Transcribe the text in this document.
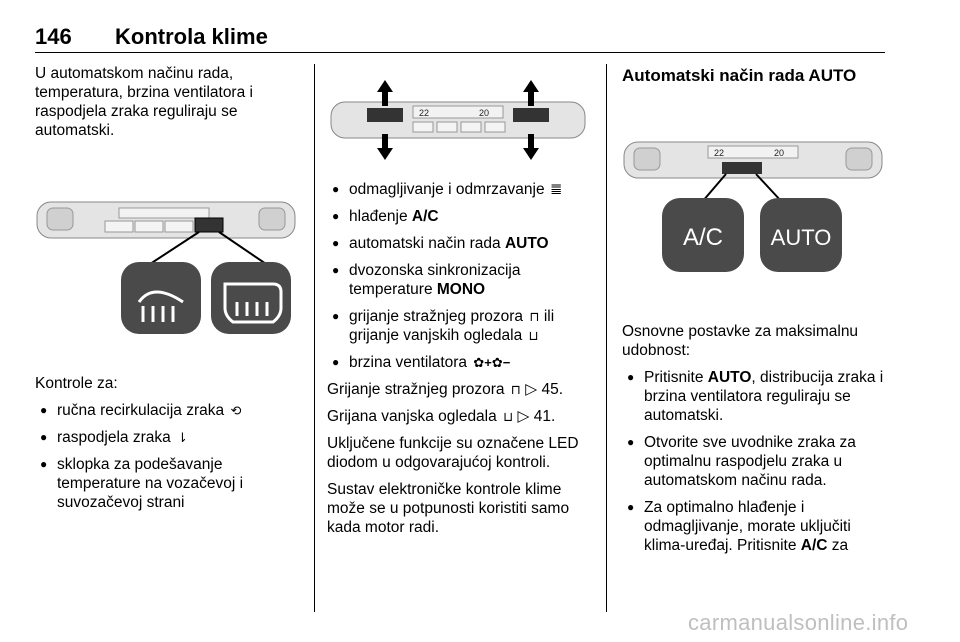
146 Kontrola klime

U automatskom načinu rada, temperatura, brzina ventilatora i raspodjela zraka reguliraju se automatski.

Kontrole za:

● ručna recirkulacija zraka ⟲
● raspodjela zraka ⇂
● sklopka za podešavanje temperature na vozačevoj i suvozačevoj strani
22	20
● odmagljivanje i odmrzavanje 𝍤
● hlađenje A/C
● automatski način rada AUTO
● dvozonska sinkronizacija temperature MONO
● grijanje stražnjeg prozora ⊓ ili grijanje vanjskih ogledala ⊔
● brzina ventilatora ✿+✿−

Grijanje stražnjeg prozora ⊓ ▷ 45.

Grijana vanjska ogledala ⊔ ▷ 41.

Uključene funkcije su označene LED diodom u odgovarajućoj kontroli.

Sustav elektroničke kontrole klime može se u potpunosti koristiti samo kada motor radi.

Automatski način rada AUTO

22	20
A/C AUTO

Osnovne postavke za maksimalnu udobnost:

● Pritisnite AUTO, distribucija zraka i brzina ventilatora reguliraju se automatski.
● Otvorite sve uvodnike zraka za optimalnu raspodjelu zraka u automatskom načinu rada.
● Za optimalno hlađenje i odmagljivanje, morate uključiti klima-uređaj. Pritisnite A/C za
carmanualsonline.info
